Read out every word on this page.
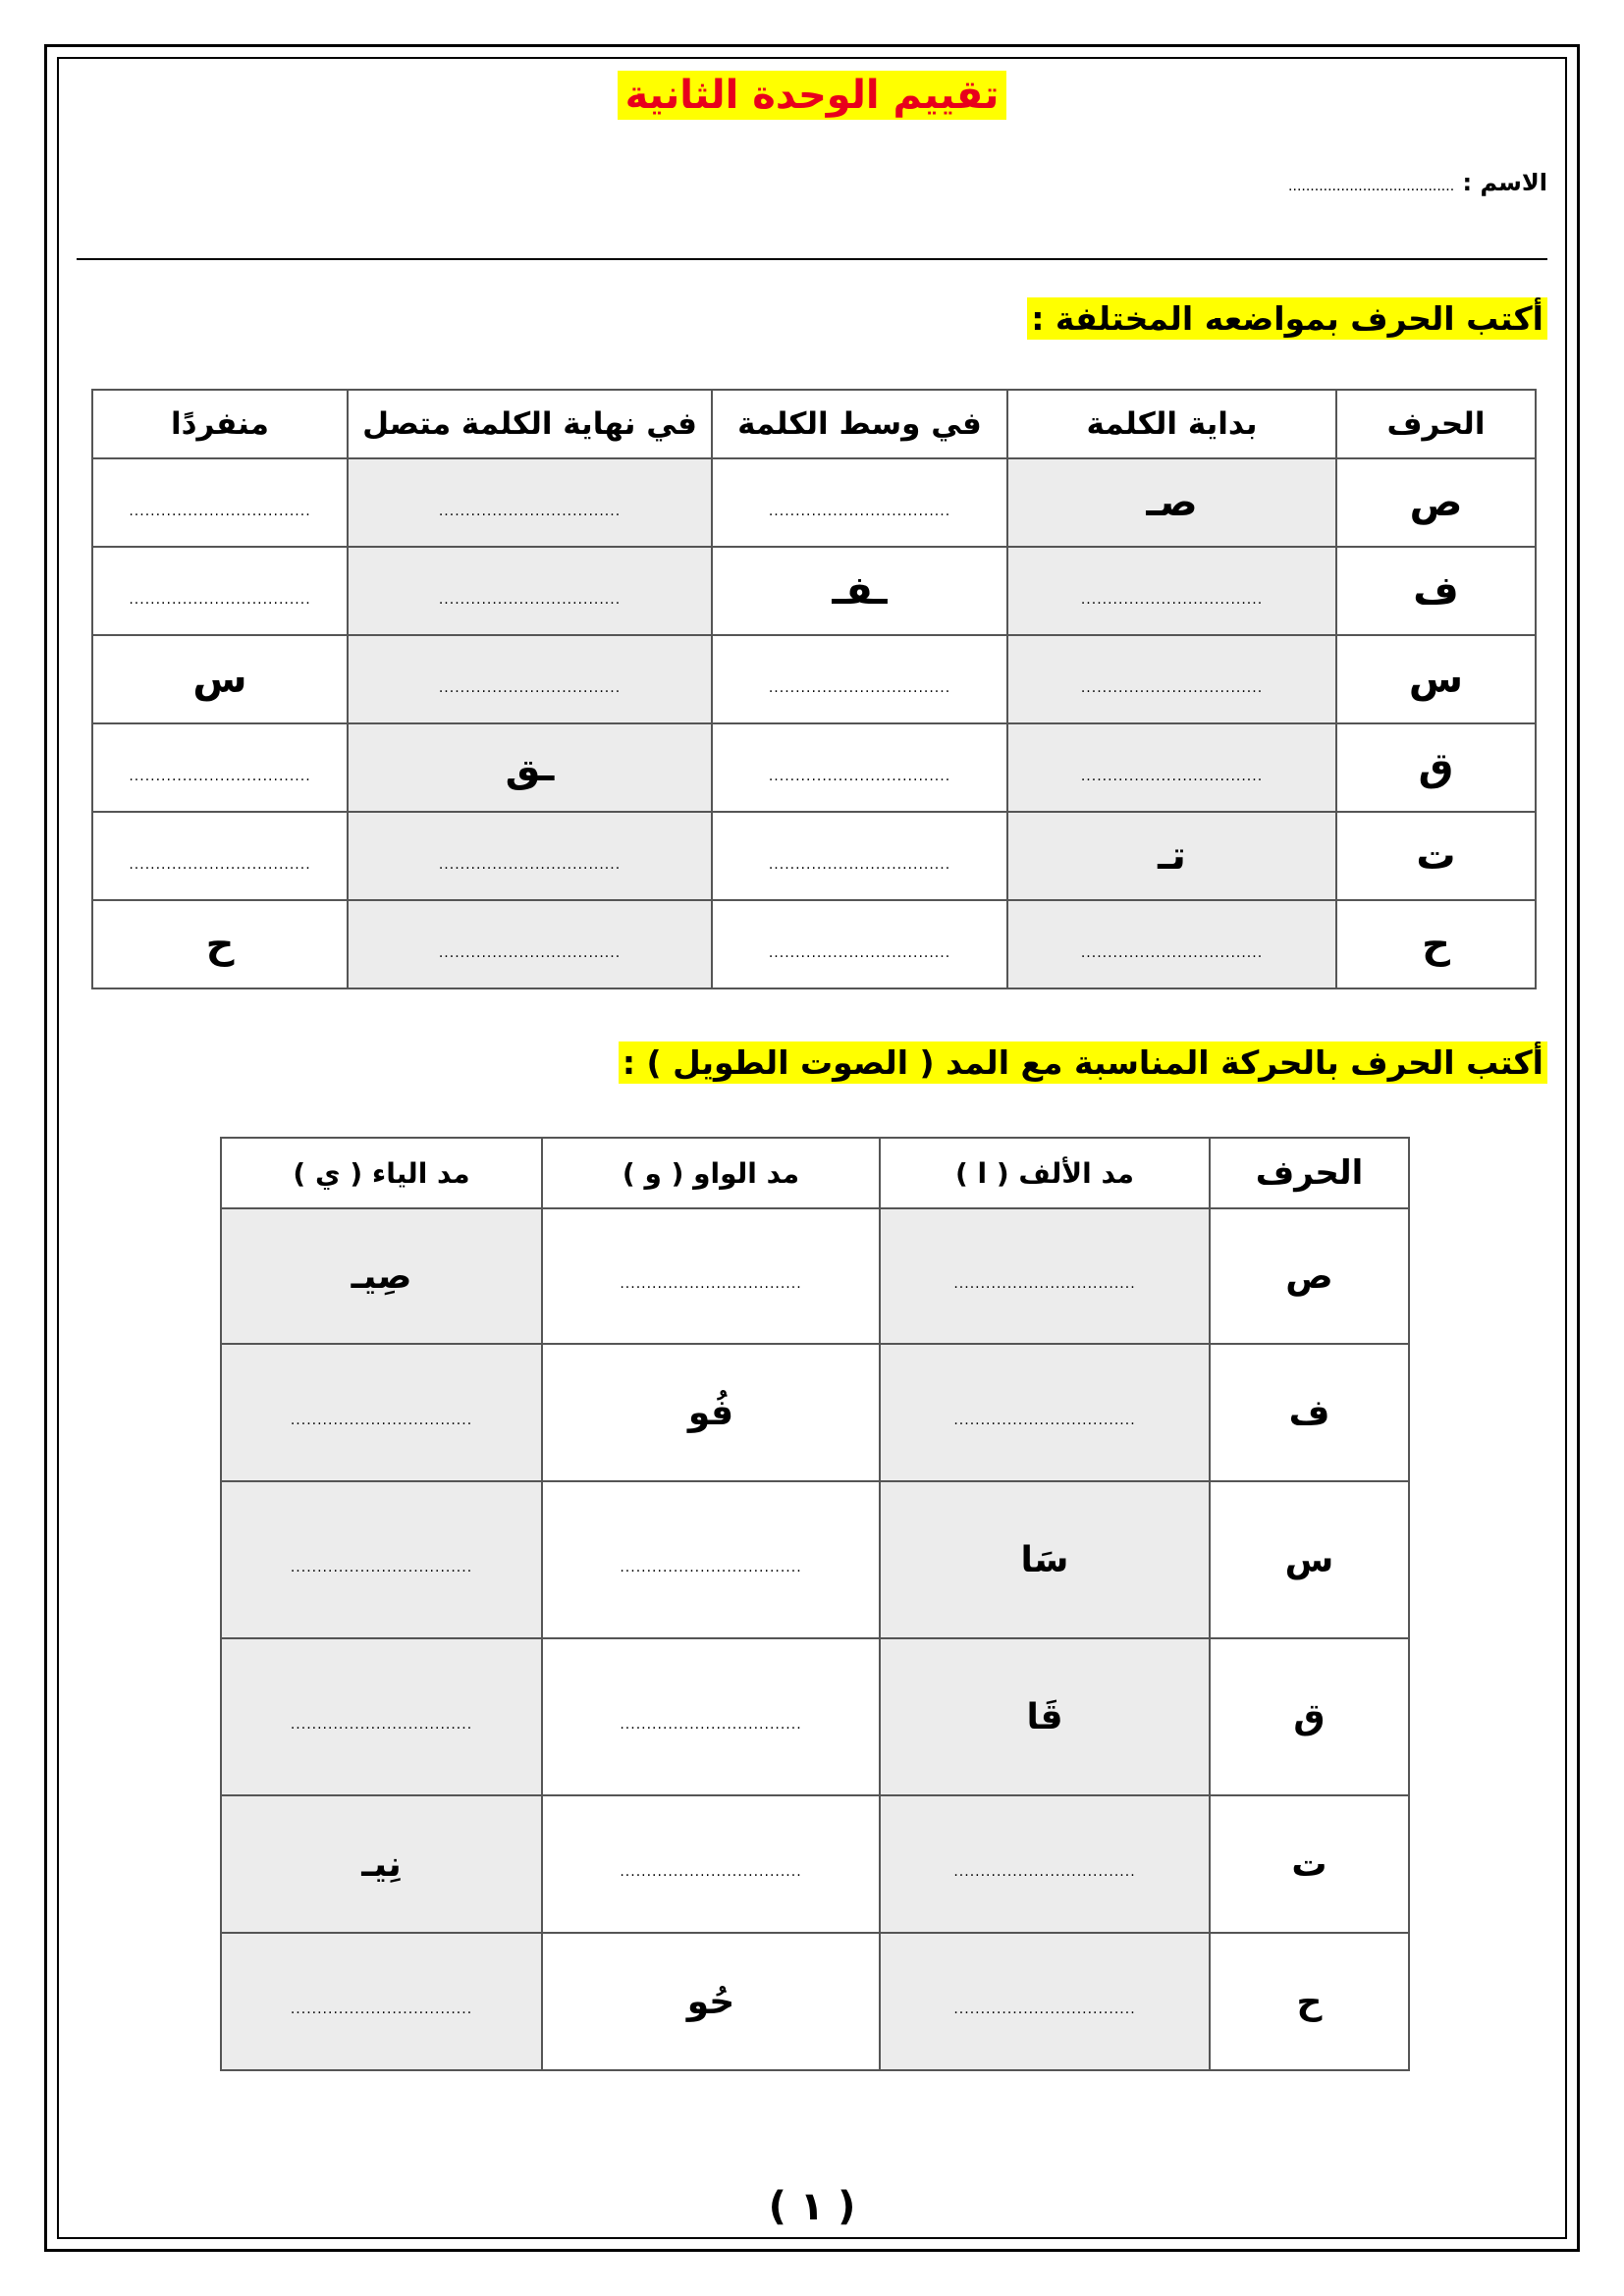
تقييم الوحدة الثانية
الاسم : ......................................
أكتب الحرف بمواضعه المختلفة :
الحرف	بداية الكلمة	في وسط الكلمة	في نهاية الكلمة متصل	منفردًا
ص	صـ	..................................	..................................	..................................
ف	..................................	ـفـ	..................................	..................................
س	..................................	..................................	..................................	س
ق	..................................	..................................	ـق	..................................
ت	تـ	..................................	..................................	..................................
ح	..................................	..................................	..................................	ح
أكتب الحرف بالحركة المناسبة مع المد ( الصوت الطويل ) :
الحرف	مد الألف ( ا )	مد الواو ( و )	مد الياء ( ي )
ص	..................................	..................................	صِيـ
ف	..................................	فُو	..................................
س	سَا	..................................	..................................
ق	قَا	..................................	..................................
ت	..................................	..................................	نِيـ
ح	..................................	حُو	..................................
( ١ )
